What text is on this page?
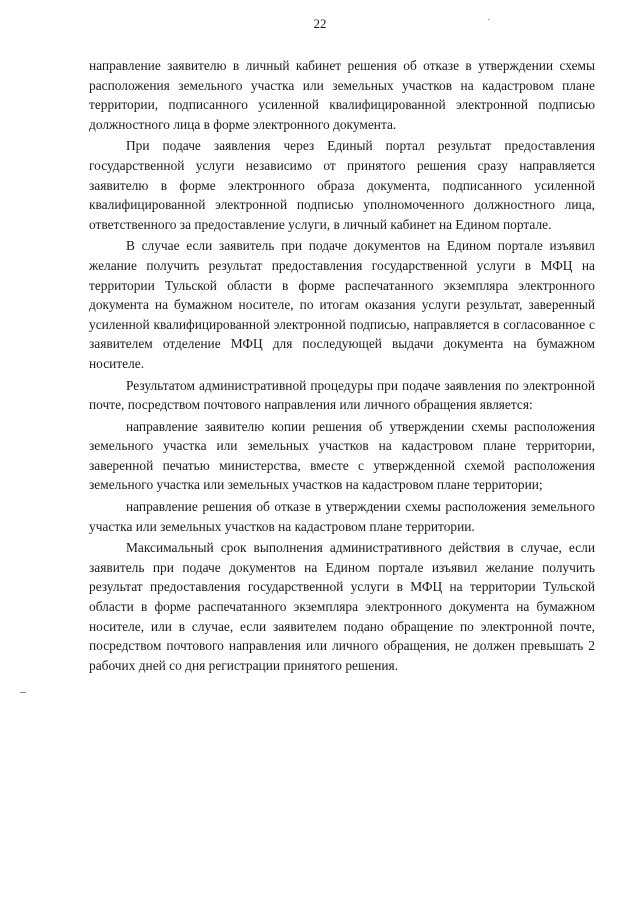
22

направление заявителю в личный кабинет решения об отказе в утверждении схемы расположения земельного участка или земельных участков на кадастровом плане территории, подписанного усиленной квалифицированной электронной подписью должностного лица в форме электронного документа.

При подаче заявления через Единый портал результат предоставления государственной услуги независимо от принятого решения сразу направляется заявителю в форме электронного образа документа, подписанного усиленной квалифицированной электронной подписью уполномоченного должностного лица, ответственного за предоставление услуги, в личный кабинет на Едином портале.

В случае если заявитель при подаче документов на Едином портале изъявил желание получить результат предоставления государственной услуги в МФЦ на территории Тульской области в форме распечатанного экземпляра электронного документа на бумажном носителе, по итогам оказания услуги результат, заверенный усиленной квалифицированной электронной подписью, направляется в согласованное с заявителем отделение МФЦ для последующей выдачи документа на бумажном носителе.

Результатом административной процедуры при подаче заявления по электронной почте, посредством почтового направления или личного обращения является:

направление заявителю копии решения об утверждении схемы расположения земельного участка или земельных участков на кадастровом плане территории, заверенной печатью министерства, вместе с утвержденной схемой расположения земельного участка или земельных участков на кадастровом плане территории;

направление решения об отказе в утверждении схемы расположения земельного участка или земельных участков на кадастровом плане территории.

Максимальный срок выполнения административного действия в случае, если заявитель при подаче документов на Едином портале изъявил желание получить результат предоставления государственной услуги в МФЦ на территории Тульской области в форме распечатанного экземпляра электронного документа на бумажном носителе, или в случае, если заявителем подано обращение по электронной почте, посредством почтового направления или личного обращения, не должен превышать 2 рабочих дней со дня регистрации принятого решения.
